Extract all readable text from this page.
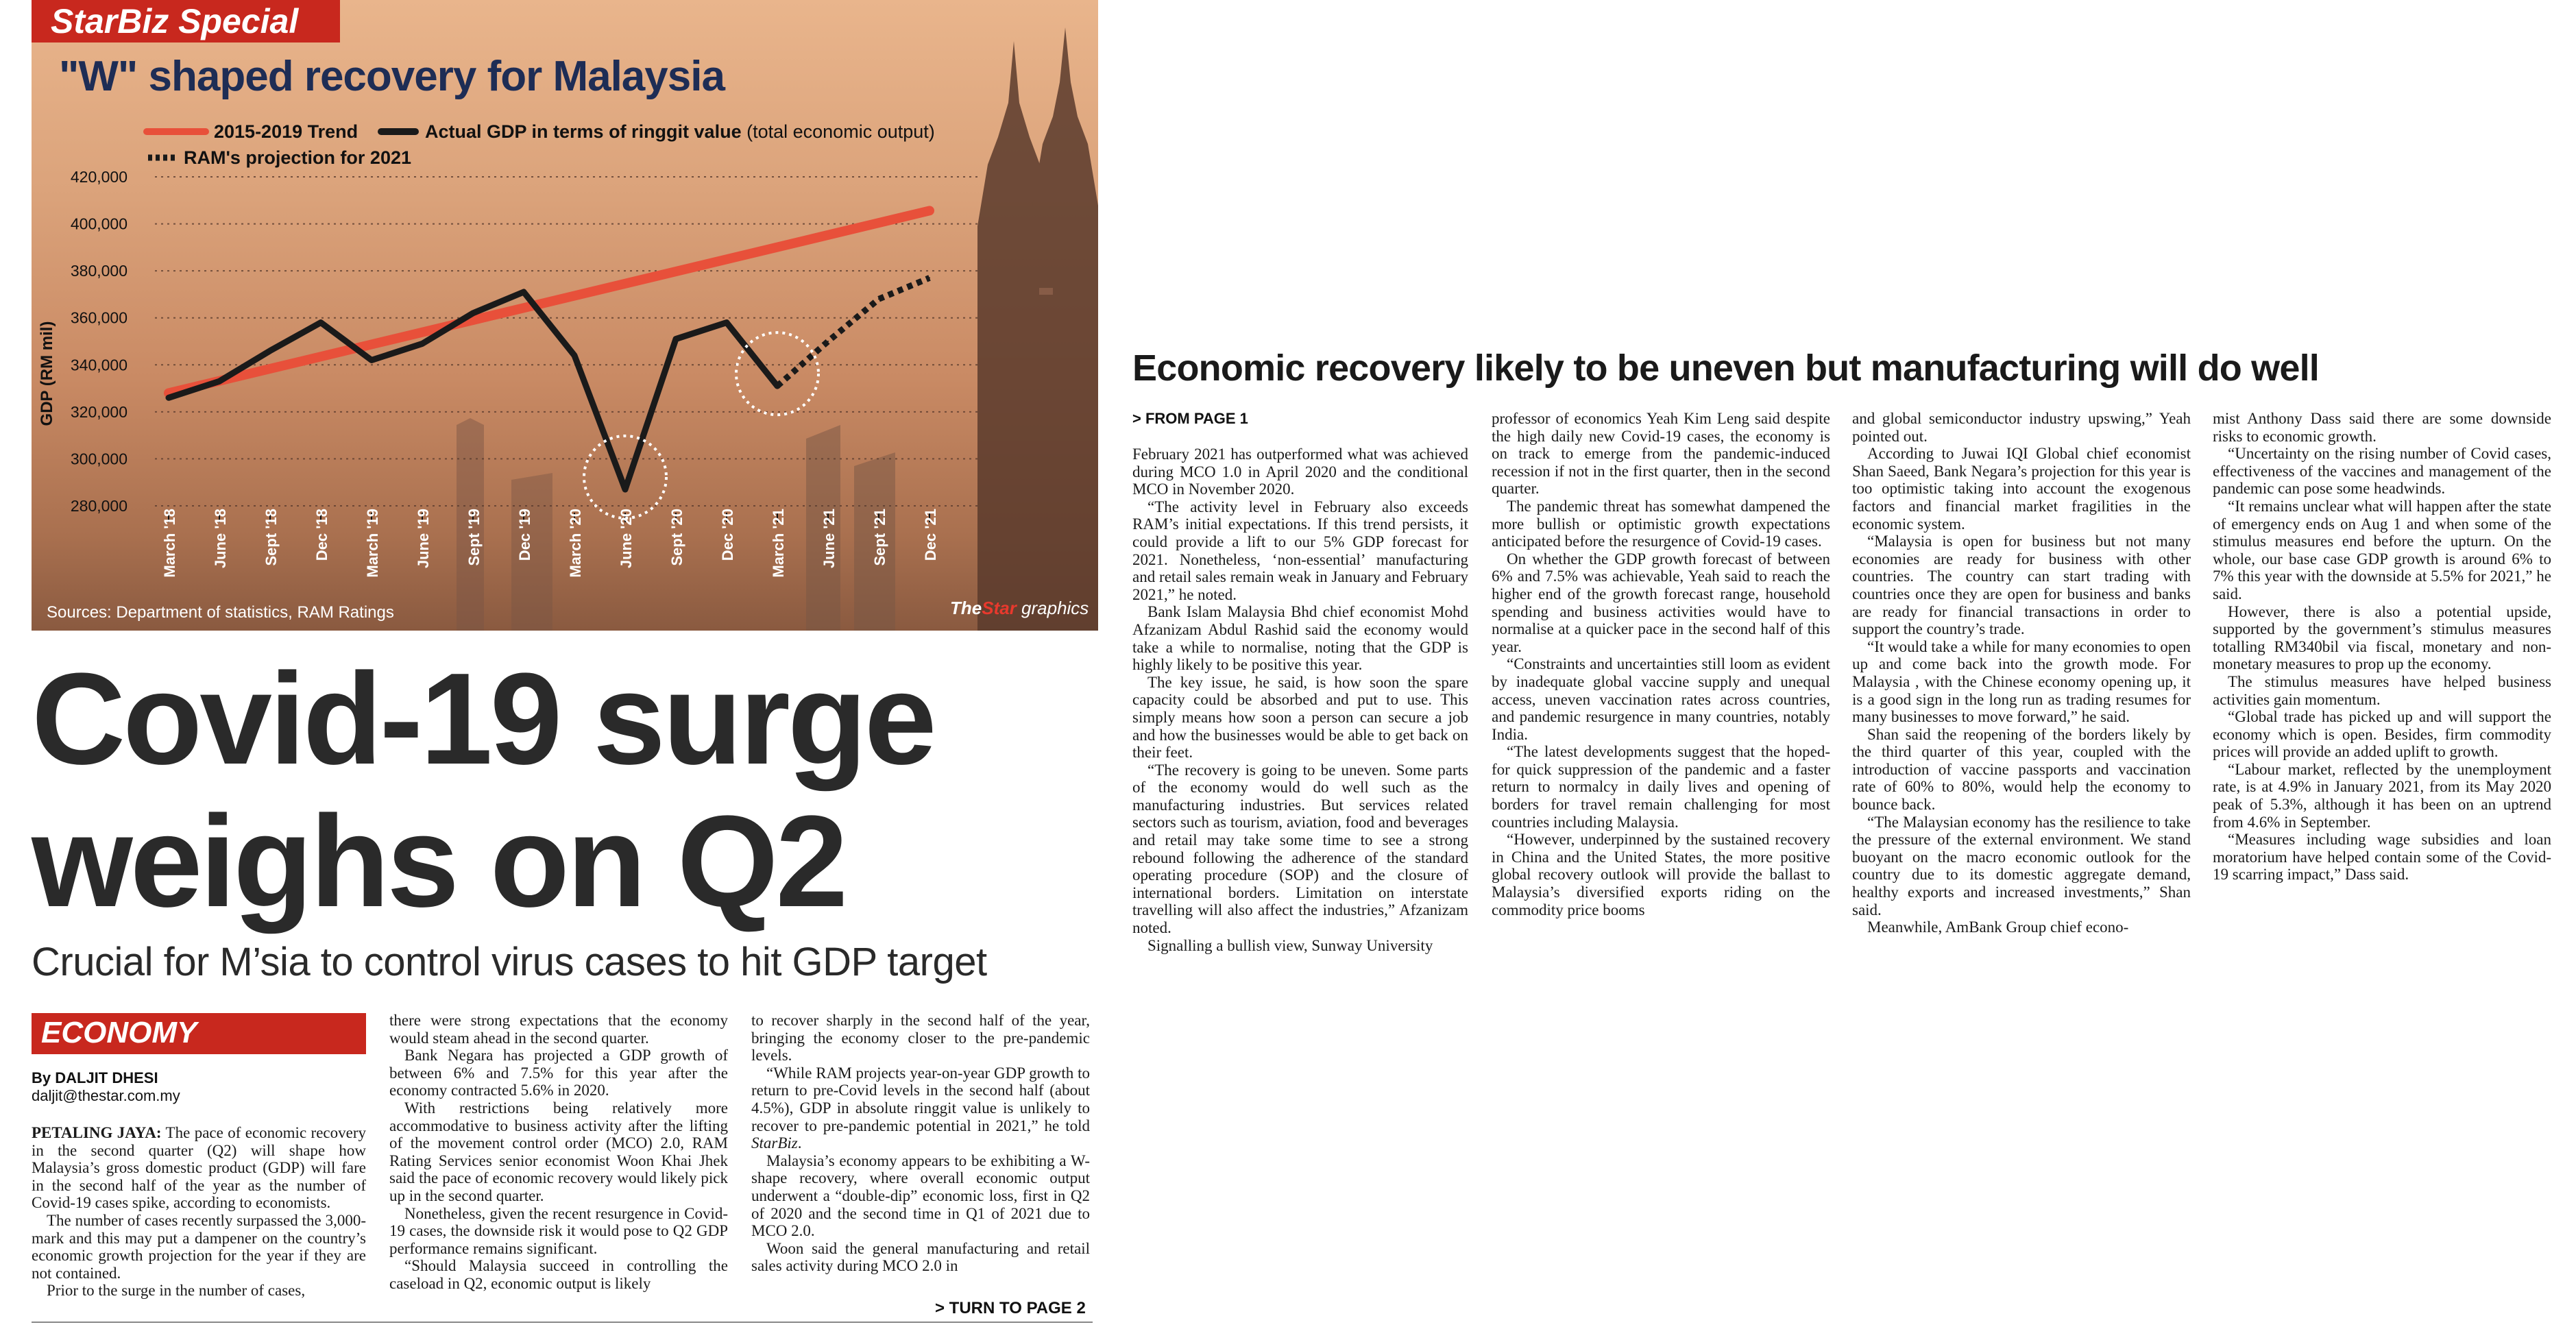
280,000
300,000
320,000
340,000
360,000
380,000
400,000
420,000
March '18 June '18 Sept '18 Dec '18 March '19 June '19 Sept '19 Dec '19 March '20 June '20 Sept '20 Dec '20 March '21 June '21 Sept '21 Dec '21
GDP (RM mil)
StarBiz Special
"W" shaped recovery for Malaysia
2015-2019 Trend	Actual GDP in terms of ringgit value (total economic output)
RAM's projection for 2021
Sources: Department of statistics, RAM Ratings	TheStar graphics
Covid-19 surge weighs on Q2
Crucial for M’sia to control virus cases to hit GDP target
ECONOMY
By DALJIT DHESI
daljit@thestar.com.my

PETALING JAYA: The pace of economic recovery in the second quarter (Q2) will shape how Malaysia’s gross domestic product (GDP) will fare in the second half of the year as the number of Covid-19 cases spike, according to economists.

The number of cases recently surpassed the 3,000-mark and this may put a dampener on the country’s economic growth projection for the year if they are not contained.

Prior to the surge in the number of cases,

there were strong expectations that the economy would steam ahead in the second quarter.

Bank Negara has projected a GDP growth of between 6% and 7.5% for this year after the economy contracted 5.6% in 2020.

With restrictions being relatively more accommodative to business activity after the lifting of the movement control order (MCO) 2.0, RAM Rating Services senior economist Woon Khai Jhek said the pace of economic recovery would likely pick up in the second quarter.

Nonetheless, given the recent resurgence in Covid-19 cases, the downside risk it would pose to Q2 GDP performance remains significant.

“Should Malaysia succeed in controlling the caseload in Q2, economic output is likely

to recover sharply in the second half of the year, bringing the economy closer to the pre-pandemic levels.

“While RAM projects year-on-year GDP growth to return to pre-Covid levels in the second half (about 4.5%), GDP in absolute ringgit value is unlikely to recover to pre-pandemic potential in 2021,” he told StarBiz.

Malaysia’s economy appears to be exhibiting a W-shape recovery, where overall economic output underwent a “double-dip” economic loss, first in Q2 of 2020 and the second time in Q1 of 2021 due to MCO 2.0.

Woon said the general manufacturing and retail sales activity during MCO 2.0 in

> TURN TO PAGE 2
Economic recovery likely to be uneven but manufacturing will do well
> FROM PAGE 1

February 2021 has outperformed what was achieved during MCO 1.0 in April 2020 and the conditional MCO in November 2020.

“The activity level in February also exceeds RAM’s initial expectations. If this trend persists, it could provide a lift to our 5% GDP forecast for 2021. Nonetheless, ‘non-essential’ manufacturing and retail sales remain weak in January and February 2021,” he noted.

Bank Islam Malaysia Bhd chief economist Mohd Afzanizam Abdul Rashid said the economy would take a while to normalise, noting that the GDP is highly likely to be positive this year.

The key issue, he said, is how soon the spare capacity could be absorbed and put to use. This simply means how soon a person can secure a job and how the businesses would be able to get back on their feet.

“The recovery is going to be uneven. Some parts of the economy would do well such as the manufacturing industries. But services related sectors such as tourism, aviation, food and beverages and retail may take some time to see a strong rebound following the adherence of the standard operating procedure (SOP) and the closure of international borders. Limitation on interstate travelling will also affect the industries,” Afzanizam noted.

Signalling a bullish view, Sunway University

professor of economics Yeah Kim Leng said despite the high daily new Covid-19 cases, the economy is on track to emerge from the pandemic-induced recession if not in the first quarter, then in the second quarter.

The pandemic threat has somewhat dampened the more bullish or optimistic growth expectations anticipated before the resurgence of Covid-19 cases.

On whether the GDP growth forecast of between 6% and 7.5% was achievable, Yeah said to reach the higher end of the growth forecast range, household spending and business activities would have to normalise at a quicker pace in the second half of this year.

“Constraints and uncertainties still loom as evident by inadequate global vaccine supply and unequal access, uneven vaccination rates across countries, and pandemic resurgence in many countries, notably India.

“The latest developments suggest that the hoped-for quick suppression of the pandemic and a faster return to normalcy in daily lives and opening of borders for travel remain challenging for most countries including Malaysia.

“However, underpinned by the sustained recovery in China and the United States, the more positive global recovery outlook will provide the ballast to Malaysia’s diversified exports riding on the commodity price booms

and global semiconductor industry upswing,” Yeah pointed out.

According to Juwai IQI Global chief economist Shan Saeed, Bank Negara’s projection for this year is too optimistic taking into account the exogenous factors and financial market fragilities in the economic system.

“Malaysia is open for business but not many economies are ready for business with other countries. The country can start trading with countries once they are open for business and banks are ready for financial transactions in order to support the country’s trade.

“It would take a while for many economies to open up and come back into the growth mode. For Malaysia , with the Chinese economy opening up, it is a good sign in the long run as trading resumes for many businesses to move forward,” he said.

Shan said the reopening of the borders likely by the third quarter of this year, coupled with the introduction of vaccine passports and vaccination rate of 60% to 80%, would help the economy to bounce back.

“The Malaysian economy has the resilience to take the pressure of the external environment. We stand buoyant on the macro economic outlook for the country due to its domestic aggregate demand, healthy exports and increased investments,” Shan said.

Meanwhile, AmBank Group chief econo-

mist Anthony Dass said there are some downside risks to economic growth.

“Uncertainty on the rising number of Covid cases, effectiveness of the vaccines and management of the pandemic can pose some headwinds.

“It remains unclear what will happen after the state of emergency ends on Aug 1 and when some of the stimulus measures end before the upturn. On the whole, our base case GDP growth is around 6% to 7% this year with the downside at 5.5% for 2021,” he said.

However, there is also a potential upside, supported by the government’s stimulus measures totalling RM340bil via fiscal, monetary and non-monetary measures to prop up the economy.

The stimulus measures have helped business activities gain momentum.

“Global trade has picked up and will support the economy which is open. Besides, firm commodity prices will provide an added uplift to growth.

“Labour market, reflected by the unemployment rate, is at 4.9% in January 2021, from its May 2020 peak of 5.3%, although it has been on an uptrend from 4.6% in September.

“Measures including wage subsidies and loan moratorium have helped contain some of the Covid-19 scarring impact,” Dass said.
